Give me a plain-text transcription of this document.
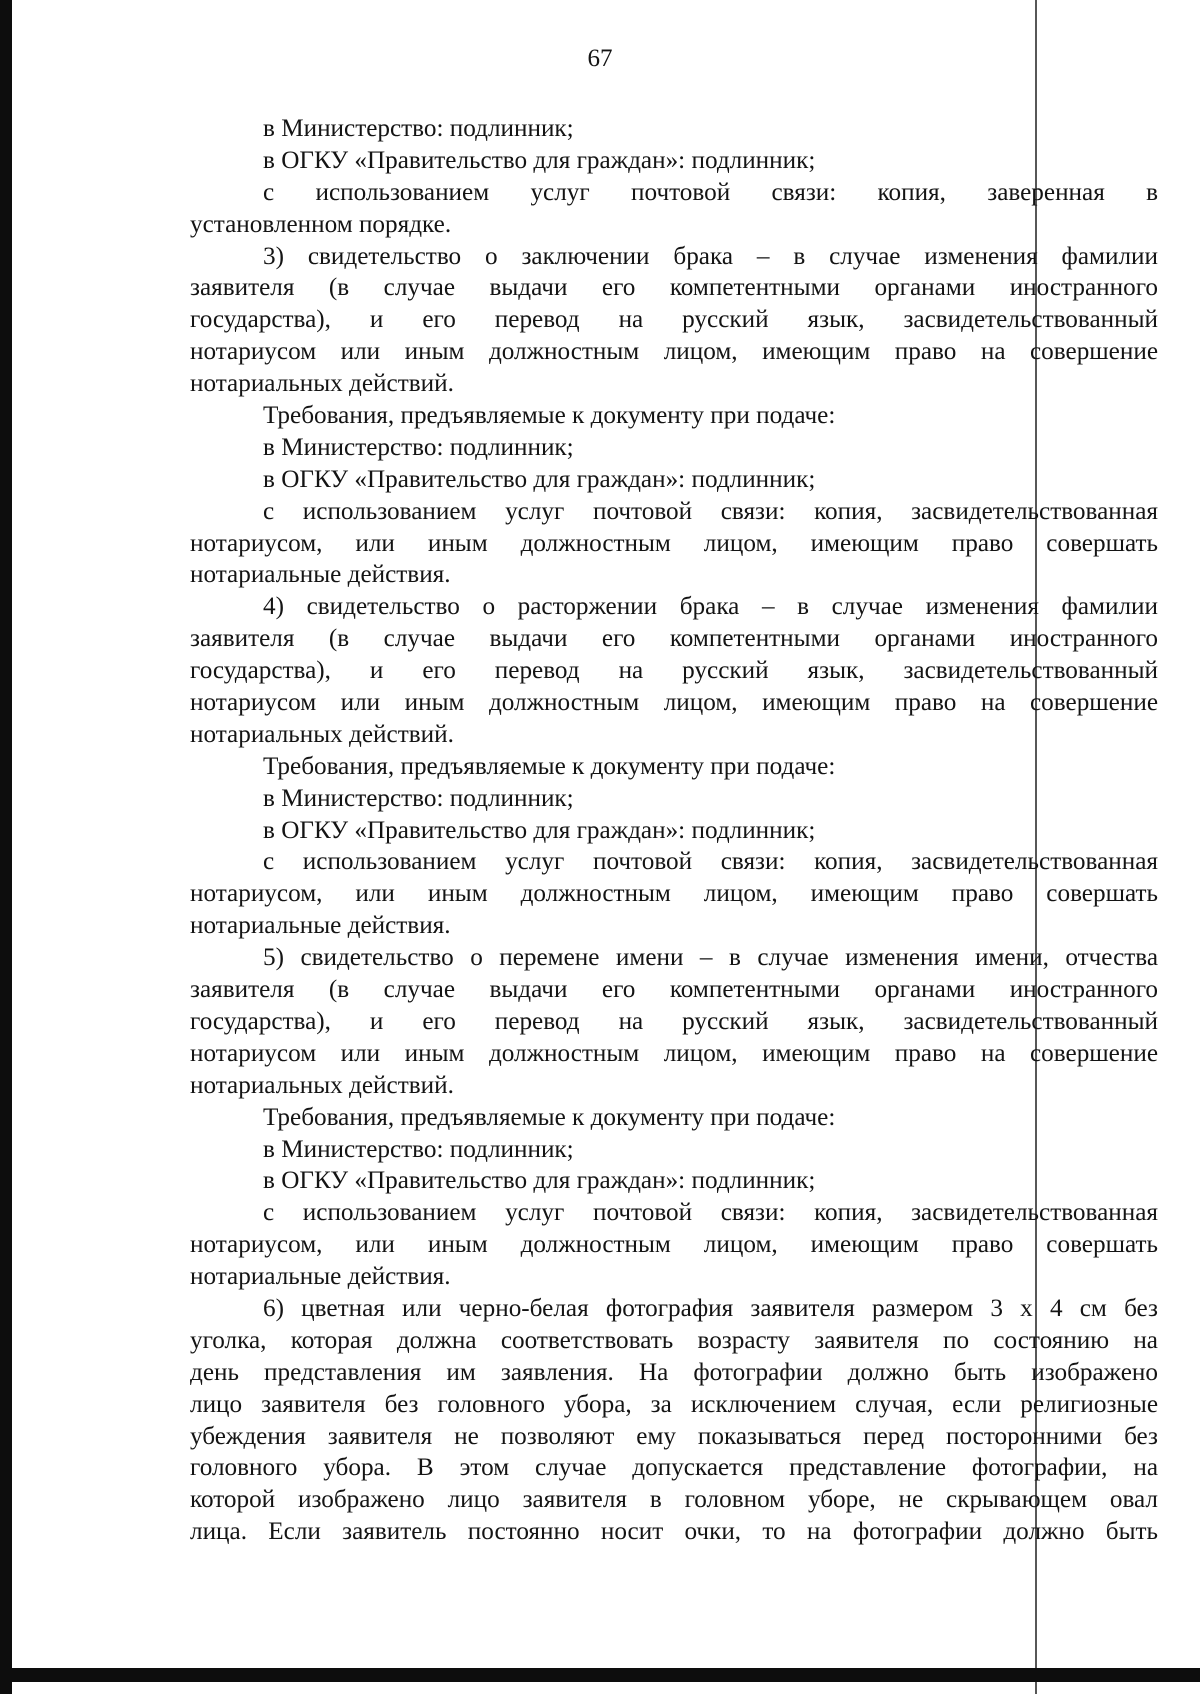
67
в Министерство: подлинник;
в ОГКУ «Правительство для граждан»: подлинник;
с использованием услуг почтовой связи: копия, заверенная в
установленном порядке.
3) свидетельство о заключении брака – в случае изменения фамилии
заявителя (в случае выдачи его компетентными органами иностранного
государства), и его перевод на русский язык, засвидетельствованный
нотариусом или иным должностным лицом, имеющим право на совершение
нотариальных действий.
Требования, предъявляемые к документу при подаче:
в Министерство: подлинник;
в ОГКУ «Правительство для граждан»: подлинник;
с использованием услуг почтовой связи: копия, засвидетельствованная
нотариусом, или иным должностным лицом, имеющим право совершать
нотариальные действия.
4) свидетельство о расторжении брака – в случае изменения фамилии
заявителя (в случае выдачи его компетентными органами иностранного
государства), и его перевод на русский язык, засвидетельствованный
нотариусом или иным должностным лицом, имеющим право на совершение
нотариальных действий.
Требования, предъявляемые к документу при подаче:
в Министерство: подлинник;
в ОГКУ «Правительство для граждан»: подлинник;
с использованием услуг почтовой связи: копия, засвидетельствованная
нотариусом, или иным должностным лицом, имеющим право совершать
нотариальные действия.
5) свидетельство о перемене имени – в случае изменения имени, отчества
заявителя (в случае выдачи его компетентными органами иностранного
государства), и его перевод на русский язык, засвидетельствованный
нотариусом или иным должностным лицом, имеющим право на совершение
нотариальных действий.
Требования, предъявляемые к документу при подаче:
в Министерство: подлинник;
в ОГКУ «Правительство для граждан»: подлинник;
с использованием услуг почтовой связи: копия, засвидетельствованная
нотариусом, или иным должностным лицом, имеющим право совершать
нотариальные действия.
6) цветная или черно-белая фотография заявителя размером 3 х 4 см без
уголка, которая должна соответствовать возрасту заявителя по состоянию на
день представления им заявления. На фотографии должно быть изображено
лицо заявителя без головного убора, за исключением случая, если религиозные
убеждения заявителя не позволяют ему показываться перед посторонними без
головного убора. В этом случае допускается представление фотографии, на
которой изображено лицо заявителя в головном уборе, не скрывающем овал
лица. Если заявитель постоянно носит очки, то на фотографии должно быть
